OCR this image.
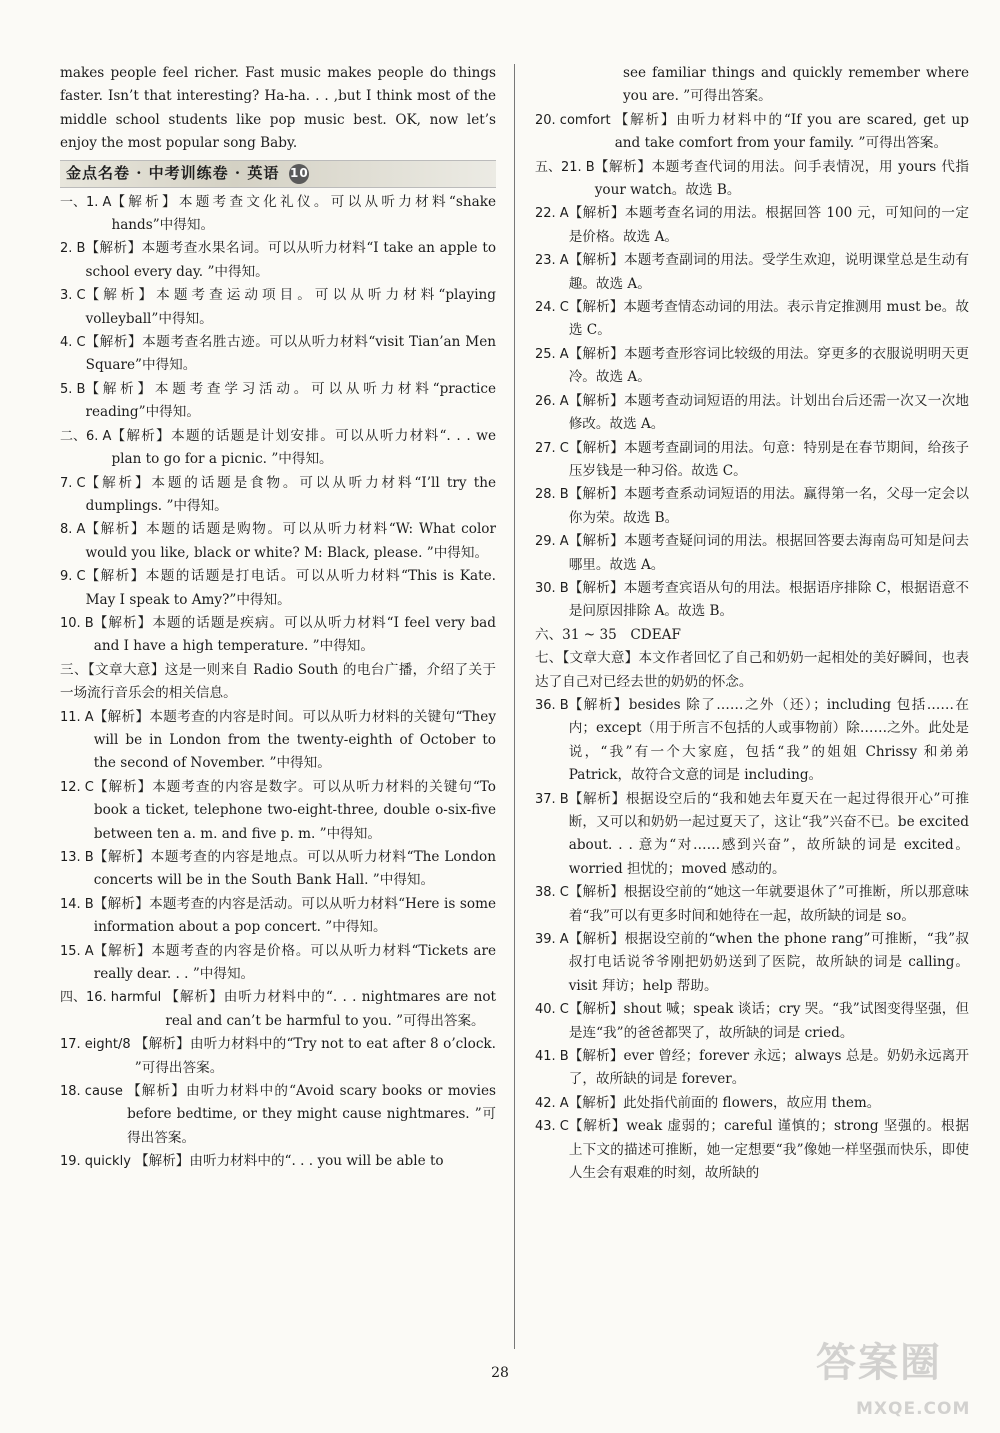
makes people feel richer. Fast music makes people do things faster. Isn’t that interesting? Ha-ha. . . ,but I think most of the middle school students like pop music best. OK, now let’s enjoy the most popular song Baby.

金点名卷 · 中考训练卷 · 英语 10
一、1. A 【解析】本题考查文化礼仪。可以从听力材料“shake hands”中得知。
2. B 【解析】本题考查水果名词。可以从听力材料“I take an apple to school every day. ”中得知。
3. C 【解析】本题考查运动项目。可以从听力材料“playing volleyball”中得知。
4. C 【解析】本题考查名胜古迹。可以从听力材料“visit Tian’an Men Square”中得知。
5. B 【解析】本题考查学习活动。可以从听力材料“practice reading”中得知。
二、6. A 【解析】本题的话题是计划安排。可以从听力材料“. . . we plan to go for a picnic. ”中得知。
7. C 【解析】本题的话题是食物。可以从听力材料“I’ll try the dumplings. ”中得知。
8. A 【解析】本题的话题是购物。可以从听力材料“W: What color would you like, black or white? M: Black, please. ”中得知。
9. C 【解析】本题的话题是打电话。可以从听力材料“This is Kate. May I speak to Amy?”中得知。
10. B 【解析】本题的话题是疾病。可以从听力材料“I feel very bad and I have a high temperature. ”中得知。

三、【文章大意】这是一则来自 Radio South 的电台广播，介绍了关于一场流行音乐会的相关信息。

11. A 【解析】本题考查的内容是时间。可以从听力材料的关键句“They will be in London from the twenty-eighth of October to the second of November. ”中得知。
12. C 【解析】本题考查的内容是数字。可以从听力材料的关键句“To book a ticket, telephone two-eight-three, double o-six-five between ten a. m. and five p. m. ”中得知。
13. B 【解析】本题考查的内容是地点。可以从听力材料“The London concerts will be in the South Bank Hall. ”中得知。
14. B 【解析】本题考查的内容是活动。可以从听力材料“Here is some information about a pop concert. ”中得知。
15. A 【解析】本题考查的内容是价格。可以从听力材料“Tickets are really dear. . . ”中得知。
四、16. harmful 【解析】由听力材料中的“. . . nightmares are not real and can’t be harmful to you. ”可得出答案。
17. eight/8 【解析】由听力材料中的“Try not to eat after 8 o’clock. ”可得出答案。
18. cause 【解析】由听力材料中的“Avoid scary books or movies before bedtime, or they might cause nightmares. ”可得出答案。
19. quickly 【解析】由听力材料中的“. . . you will be able to

see familiar things and quickly remember where you are. ”可得出答案。

20. comfort 【解析】由听力材料中的“If you are scared, get up and take comfort from your family. ”可得出答案。
五、21. B 【解析】本题考查代词的用法。问手表情况，用 yours 代指 your watch。故选 B。
22. A 【解析】本题考查名词的用法。根据回答 100 元，可知问的一定是价格。故选 A。
23. A 【解析】本题考查副词的用法。受学生欢迎，说明课堂总是生动有趣。故选 A。
24. C 【解析】本题考查情态动词的用法。表示肯定推测用 must be。故选 C。
25. A 【解析】本题考查形容词比较级的用法。穿更多的衣服说明明天更冷。故选 A。
26. A 【解析】本题考查动词短语的用法。计划出台后还需一次又一次地修改。故选 A。
27. C 【解析】本题考查副词的用法。句意：特别是在春节期间，给孩子压岁钱是一种习俗。故选 C。
28. B 【解析】本题考查系动词短语的用法。赢得第一名，父母一定会以你为荣。故选 B。
29. A 【解析】本题考查疑问词的用法。根据回答要去海南岛可知是问去哪里。故选 A。
30. B 【解析】本题考查宾语从句的用法。根据语序排除 C，根据语意不是问原因排除 A。故选 B。

六、31 ~ 35　CDEAF

七、【文章大意】本文作者回忆了自己和奶奶一起相处的美好瞬间，也表达了自己对已经去世的奶奶的怀念。

36. B 【解析】besides 除了……之外（还）；including 包括……在内；except（用于所言不包括的人或事物前）除……之外。此处是说，“我”有一个大家庭，包括“我”的姐姐 Chrissy 和弟弟 Patrick，故符合文意的词是 including。
37. B 【解析】根据设空后的“我和她去年夏天在一起过得很开心”可推断，又可以和奶奶一起过夏天了，这让“我”兴奋不已。be excited about. . . 意为“对……感到兴奋”，故所缺的词是 excited。worried 担忧的；moved 感动的。
38. C 【解析】根据设空前的“她这一年就要退休了”可推断，所以那意味着“我”可以有更多时间和她待在一起，故所缺的词是 so。
39. A 【解析】根据设空前的“when the phone rang”可推断，“我”叔叔打电话说爷爷刚把奶奶送到了医院，故所缺的词是 calling。visit 拜访；help 帮助。
40. C 【解析】shout 喊；speak 谈话；cry 哭。“我”试图变得坚强，但是连“我”的爸爸都哭了，故所缺的词是 cried。
41. B 【解析】ever 曾经；forever 永远；always 总是。奶奶永远离开了，故所缺的词是 forever。
42. A 【解析】此处指代前面的 flowers，故应用 them。
43. C 【解析】weak 虚弱的；careful 谨慎的；strong 坚强的。根据上下文的描述可推断，她一定想要“我”像她一样坚强而快乐，即使人生会有艰难的时刻，故所缺的
28	答案圈
MXQE.COM
